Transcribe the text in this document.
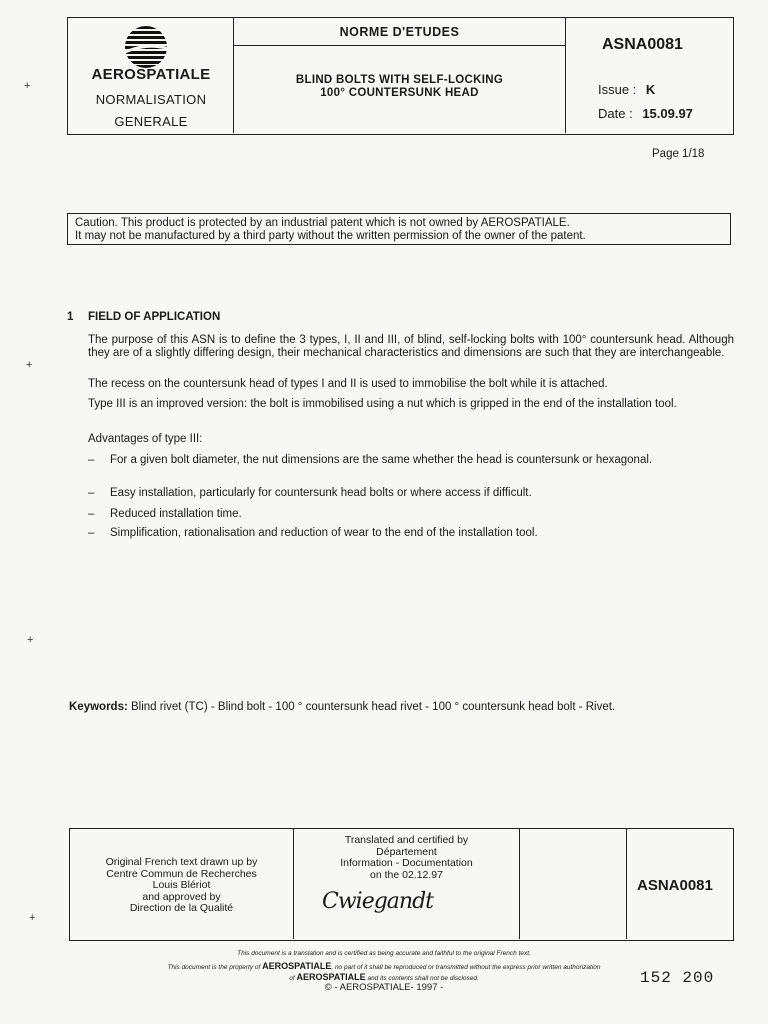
AEROSPATIALE
NORMALISATION
GENERALE
NORME D'ETUDES
BLIND BOLTS WITH SELF-LOCKING
100° COUNTERSUNK HEAD
ASNA0081
Issue : K
Date : 15.09.97
Page 1/18
+
+
+
+
Caution. This product is protected by an industrial patent which is not owned by AEROSPATIALE.
It may not be manufactured by a third party without the written permission of the owner of the patent.
1 FIELD OF APPLICATION
The purpose of this ASN is to define the 3 types, I, II and III, of blind, self-locking bolts with 100° countersunk head. Although they are of a slightly differing design, their mechanical characteristics and dimensions are such that they are interchangeable.
The recess on the countersunk head of types I and II is used to immobilise the bolt while it is attached.
Type III is an improved version: the bolt is immobilised using a nut which is gripped in the end of the installation tool.
Advantages of type III:
– For a given bolt diameter, the nut dimensions are the same whether the head is countersunk or hexagonal.
– Easy installation, particularly for countersunk head bolts or where access if difficult.
– Reduced installation time.
– Simplification, rationalisation and reduction of wear to the end of the installation tool.
Keywords: Blind rivet (TC) - Blind bolt - 100 ° countersunk head rivet - 100 ° countersunk head bolt - Rivet.
Original French text drawn up by
Centre Commun de Recherches
Louis Blériot
and approved by
Direction de la Qualité
Translated and certified by
Département
Information - Documentation
on the 02.12.97
Cwiegandt
ASNA0081
This document is a translation and is certified as being accurate and faithful to the original French text.
This document is the property of AEROSPATIALE, no part of it shall be reproduced or transmitted without the express prior written authorization
of AEROSPATIALE and its contents shall not be disclosed.
© - AEROSPATIALE- 1997 -
152 200
